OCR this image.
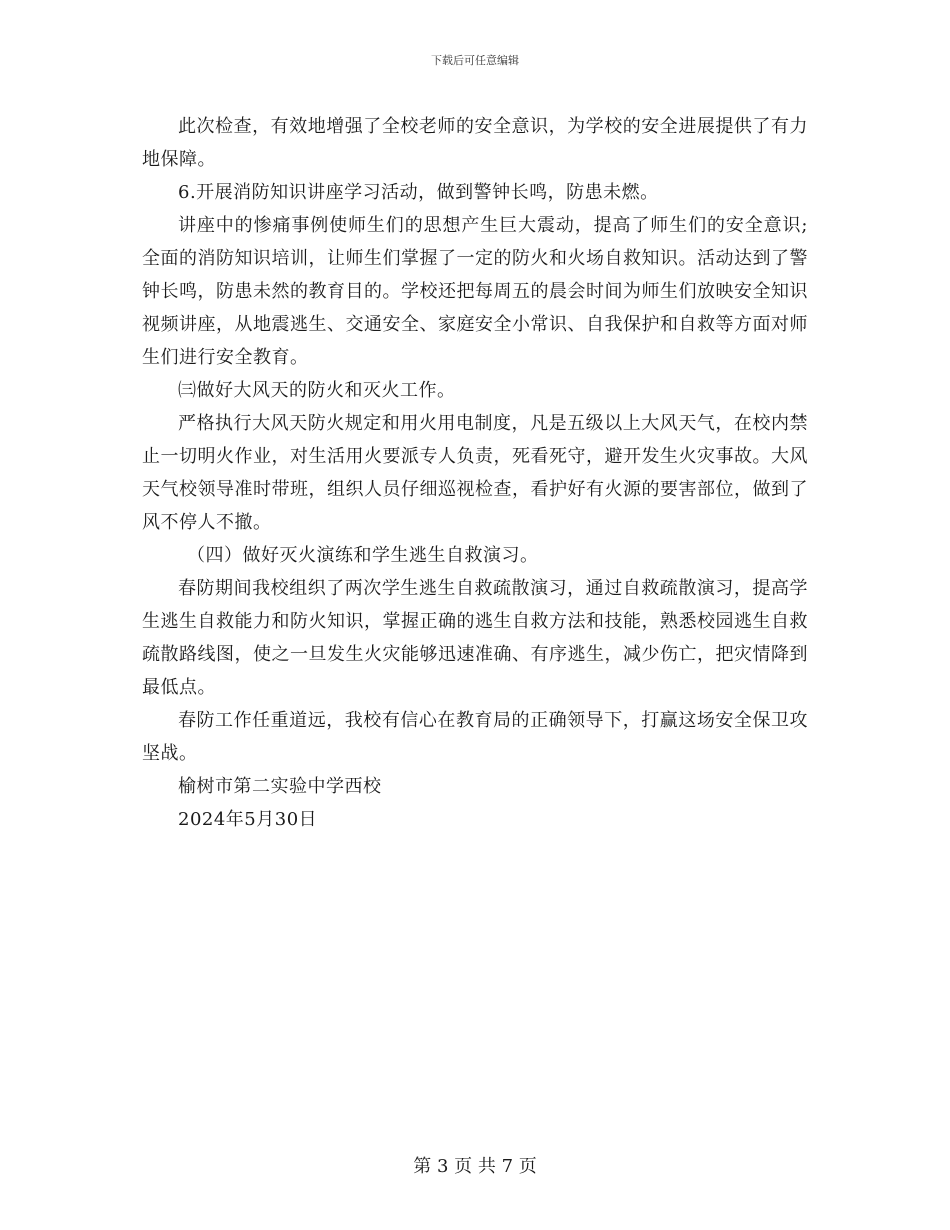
下载后可任意编辑

此次检查，有效地增强了全校老师的安全意识，为学校的安全进展提供了有力地保障。

6.开展消防知识讲座学习活动，做到警钟长鸣，防患未燃。

讲座中的惨痛事例使师生们的思想产生巨大震动，提高了师生们的安全意识;全面的消防知识培训，让师生们掌握了一定的防火和火场自救知识。活动达到了警钟长鸣，防患未然的教育目的。学校还把每周五的晨会时间为师生们放映安全知识视频讲座，从地震逃生、交通安全、家庭安全小常识、自我保护和自救等方面对师生们进行安全教育。

㈢做好大风天的防火和灭火工作。

严格执行大风天防火规定和用火用电制度，凡是五级以上大风天气，在校内禁止一切明火作业，对生活用火要派专人负责，死看死守，避开发生火灾事故。大风天气校领导准时带班，组织人员仔细巡视检查，看护好有火源的要害部位，做到了风不停人不撤。

（四）做好灭火演练和学生逃生自救演习。

春防期间我校组织了两次学生逃生自救疏散演习，通过自救疏散演习，提高学生逃生自救能力和防火知识，掌握正确的逃生自救方法和技能，熟悉校园逃生自救疏散路线图，使之一旦发生火灾能够迅速准确、有序逃生，减少伤亡，把灾情降到最低点。

春防工作任重道远，我校有信心在教育局的正确领导下，打赢这场安全保卫攻坚战。

榆树市第二实验中学西校

2024年5月30日

第 3 页 共 7 页
